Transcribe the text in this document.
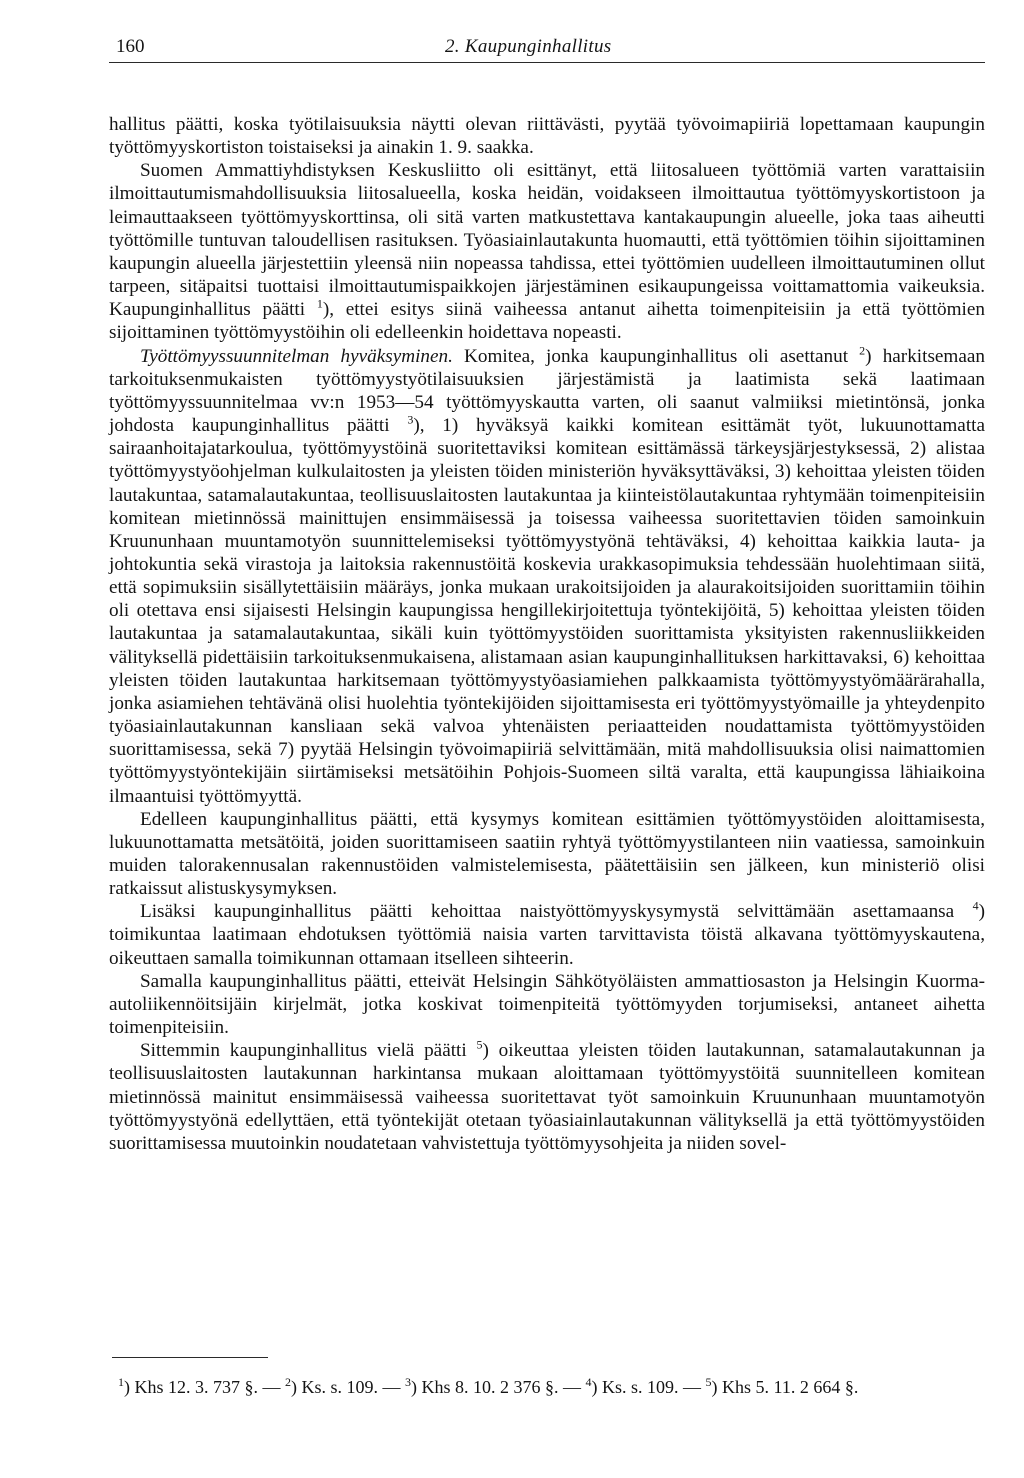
160	2. Kaupunginhallitus

hallitus päätti, koska työtilaisuuksia näytti olevan riittävästi, pyytää työvoimapiiriä lopettamaan kaupungin työttömyyskortiston toistaiseksi ja ainakin 1. 9. saakka.

Suomen Ammattiyhdistyksen Keskusliitto oli esittänyt, että liitosalueen työttömiä varten varattaisiin ilmoittautumismahdollisuuksia liitosalueella, koska heidän, voidakseen ilmoittautua työttömyyskortistoon ja leimauttaakseen työttömyyskorttinsa, oli sitä varten matkustettava kantakaupungin alueelle, joka taas aiheutti työttömille tuntuvan taloudellisen rasituksen. Työasiainlautakunta huomautti, että työttömien töihin sijoittaminen kaupungin alueella järjestettiin yleensä niin nopeassa tahdissa, ettei työttömien uudelleen ilmoittautuminen ollut tarpeen, sitäpaitsi tuottaisi ilmoittautumispaikkojen järjestäminen esikaupungeissa voittamattomia vaikeuksia. Kaupunginhallitus päätti $^1$), ettei esitys siinä vaiheessa antanut aihetta toimenpiteisiin ja että työttömien sijoittaminen työttömyystöihin oli edelleenkin hoidettava nopeasti.

Työttömyyssuunnitelman hyväksyminen. Komitea, jonka kaupunginhallitus oli asettanut $^2$) harkitsemaan tarkoituksenmukaisten työttömyystyötilaisuuksien järjestämistä ja laatimista sekä laatimaan työttömyyssuunnitelmaa vv:n 1953—54 työttömyyskautta varten, oli saanut valmiiksi mietintönsä, jonka johdosta kaupunginhallitus päätti $^3$), 1) hyväksyä kaikki komitean esittämät työt, lukuunottamatta sairaanhoitajatarkoulua, työttömyystöinä suoritettaviksi komitean esittämässä tärkeysjärjestyksessä, 2) alistaa työttömyystyöohjelman kulkulaitosten ja yleisten töiden ministeriön hyväksyttäväksi, 3) kehoittaa yleisten töiden lautakuntaa, satamalautakuntaa, teollisuuslaitosten lautakuntaa ja kiinteistölautakuntaa ryhtymään toimenpiteisiin komitean mietinnössä mainittujen ensimmäisessä ja toisessa vaiheessa suoritettavien töiden samoinkuin Kruununhaan muuntamotyön suunnittelemiseksi työttömyystyönä tehtäväksi, 4) kehoittaa kaikkia lauta- ja johtokuntia sekä virastoja ja laitoksia rakennustöitä koskevia urakkasopimuksia tehdessään huolehtimaan siitä, että sopimuksiin sisällytettäisiin määräys, jonka mukaan urakoitsijoiden ja alaurakoitsijoiden suorittamiin töihin oli otettava ensi sijaisesti Helsingin kaupungissa hengillekirjoitettuja työntekijöitä, 5) kehoittaa yleisten töiden lautakuntaa ja satamalautakuntaa, sikäli kuin työttömyystöiden suorittamista yksityisten rakennusliikkeiden välityksellä pidettäisiin tarkoituksenmukaisena, alistamaan asian kaupunginhallituksen harkittavaksi, 6) kehoittaa yleisten töiden lautakuntaa harkitsemaan työttömyystyöasiamiehen palkkaamista työttömyystyömäärärahalla, jonka asiamiehen tehtävänä olisi huolehtia työntekijöiden sijoittamisesta eri työttömyystyömaille ja yhteydenpito työasiainlautakunnan kansliaan sekä valvoa yhtenäisten periaatteiden noudattamista työttömyystöiden suorittamisessa, sekä 7) pyytää Helsingin työvoimapiiriä selvittämään, mitä mahdollisuuksia olisi naimattomien työttömyystyöntekijäin siirtämiseksi metsätöihin Pohjois-Suomeen siltä varalta, että kaupungissa lähiaikoina ilmaantuisi työttömyyttä.

Edelleen kaupunginhallitus päätti, että kysymys komitean esittämien työttömyystöiden aloittamisesta, lukuunottamatta metsätöitä, joiden suorittamiseen saatiin ryhtyä työttömyystilanteen niin vaatiessa, samoinkuin muiden talorakennusalan rakennustöiden valmistelemisesta, päätettäisiin sen jälkeen, kun ministeriö olisi ratkaissut alistuskysymyksen.

Lisäksi kaupunginhallitus päätti kehoittaa naistyöttömyyskysymystä selvittämään asettamaansa $^4$) toimikuntaa laatimaan ehdotuksen työttömiä naisia varten tarvittavista töistä alkavana työttömyyskautena, oikeuttaen samalla toimikunnan ottamaan itselleen sihteerin.

Samalla kaupunginhallitus päätti, etteivät Helsingin Sähkötyöläisten ammattiosaston ja Helsingin Kuorma-autoliikennöitsijäin kirjelmät, jotka koskivat toimenpiteitä työttömyyden torjumiseksi, antaneet aihetta toimenpiteisiin.

Sittemmin kaupunginhallitus vielä päätti $^5$) oikeuttaa yleisten töiden lautakunnan, satamalautakunnan ja teollisuuslaitosten lautakunnan harkintansa mukaan aloittamaan työttömyystöitä suunnitelleen komitean mietinnössä mainitut ensimmäisessä vaiheessa suoritettavat työt samoinkuin Kruununhaan muuntamotyön työttömyystyönä edellyttäen, että työntekijät otetaan työasiainlautakunnan välityksellä ja että työttömyystöiden suorittamisessa muutoinkin noudatetaan vahvistettuja työttömyysohjeita ja niiden sovel-

$^1$) Khs 12. 3. 737 §. — $^2$) Ks. s. 109. — $^3$) Khs 8. 10. 2 376 §. — $^4$) Ks. s. 109. — $^5$) Khs 5. 11. 2 664 §.
